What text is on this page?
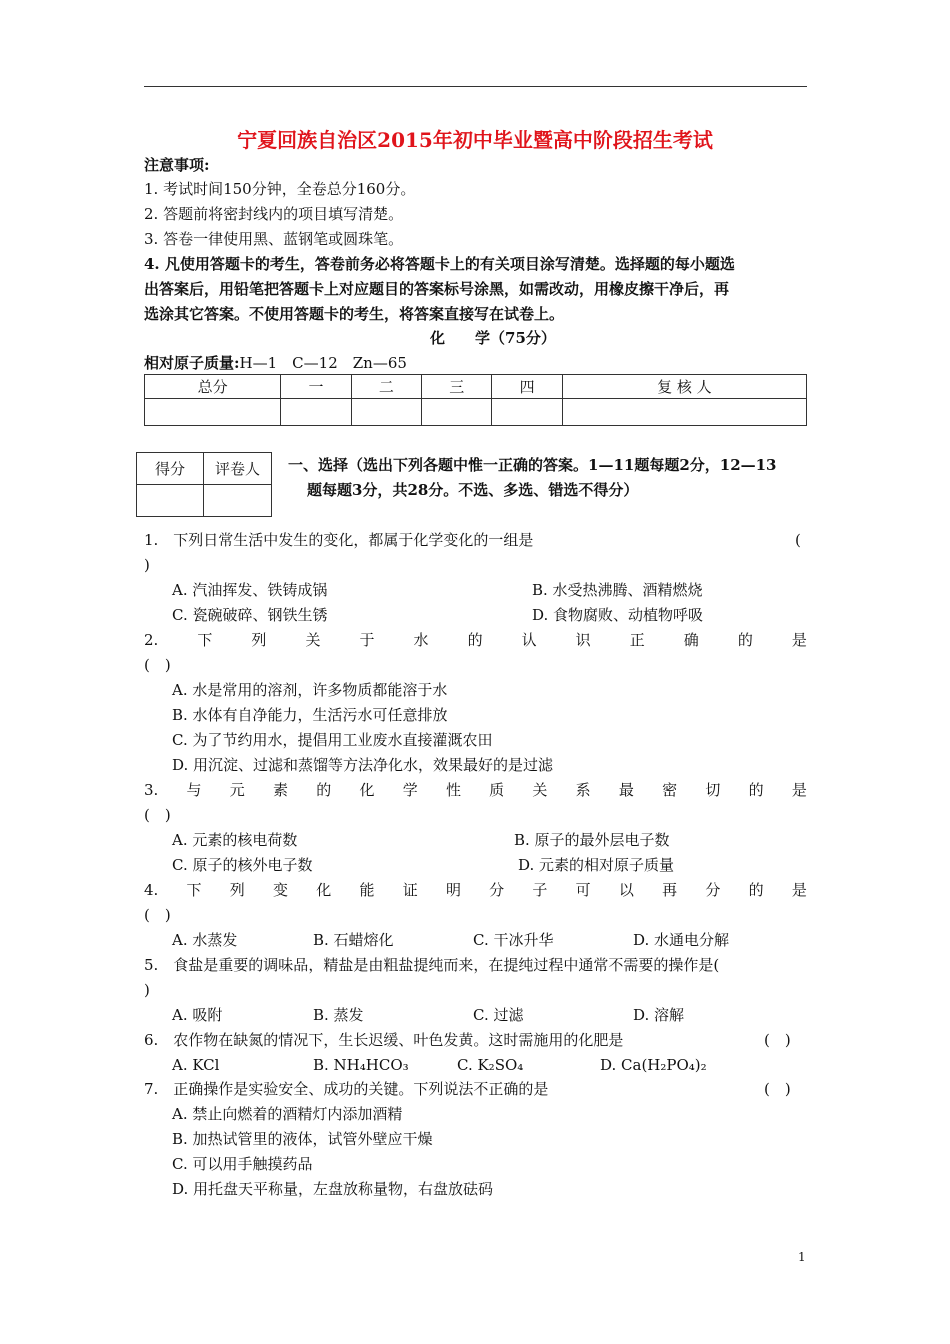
宁夏回族自治区2015年初中毕业暨高中阶段招生考试
注意事项:
1. 考试时间150分钟，全卷总分160分。
2. 答题前将密封线内的项目填写清楚。
3. 答卷一律使用黑、蓝钢笔或圆珠笔。
4. 凡使用答题卡的考生，答卷前务必将答题卡上的有关项目涂写清楚。选择题的每小题选
出答案后，用铅笔把答题卡上对应题目的答案标号涂黑，如需改动，用橡皮擦干净后，再
选涂其它答案。不使用答题卡的考生，将答案直接写在试卷上。
化　　学（75分）
相对原子质量:H—1　C—12　Zn—65
总分	一	二	三	四	复 核 人

得分	评卷人
	一、选择（选出下列各题中惟一正确的答案。1—11题每题2分，12—13
题每题3分，共28分。不选、多选、错选不得分）
1.　下列日常生活中发生的变化，都属于化学变化的一组是	(
)
A. 汽油挥发、铁铸成锅	B. 水受热沸腾、酒精燃烧
C. 瓷碗破碎、钢铁生锈	D. 食物腐败、动植物呼吸
2.	下	列	关	于	水	的	认	识	正	确	的	是
(　)
A. 水是常用的溶剂，许多物质都能溶于水
B. 水体有自净能力，生活污水可任意排放
C. 为了节约用水，提倡用工业废水直接灌溉农田
D. 用沉淀、过滤和蒸馏等方法净化水，效果最好的是过滤
3. 与 元 素 的 化 学 性 质 关 系 最 密 切 的 是
(　)
A. 元素的核电荷数	B. 原子的最外层电子数
C. 原子的核外电子数	D. 元素的相对原子质量
4. 下 列 变 化 能 证 明 分 子 可 以 再 分 的 是
(　)
A. 水蒸发	B. 石蜡熔化	C. 干冰升华	D. 水通电分解
5.　食盐是重要的调味品，精盐是由粗盐提纯而来，在提纯过程中通常不需要的操作是(
)
A. 吸附	B. 蒸发	C. 过滤	D. 溶解
6.　农作物在缺氮的情况下，生长迟缓、叶色发黄。这时需施用的化肥是	(　)
A. KCl	B. NH₄HCO₃	C. K₂SO₄	D. Ca(H₂PO₄)₂
7.　正确操作是实验安全、成功的关键。下列说法不正确的是	(　)
A. 禁止向燃着的酒精灯内添加酒精
B. 加热试管里的液体，试管外壁应干燥
C. 可以用手触摸药品
D. 用托盘天平称量，左盘放称量物，右盘放砝码
1
